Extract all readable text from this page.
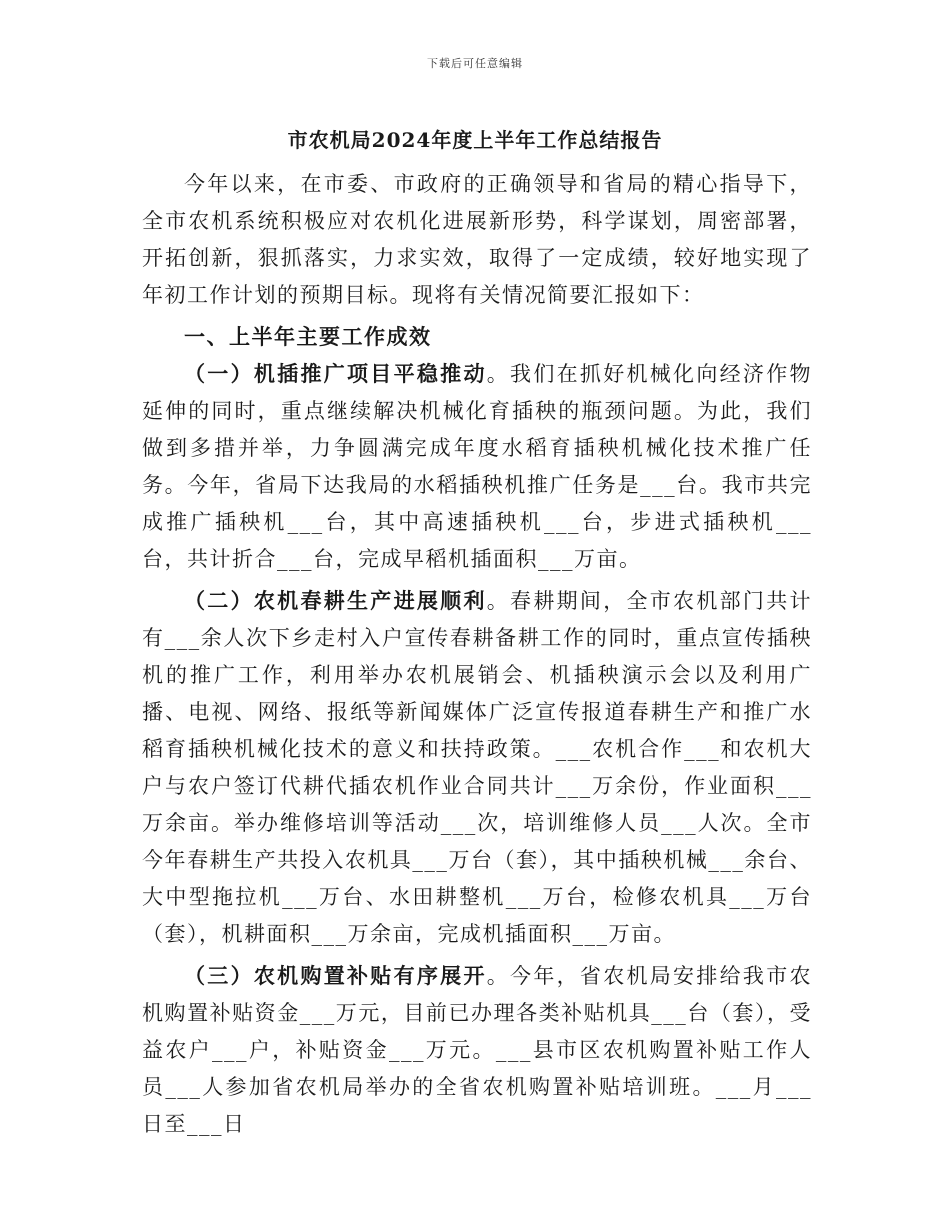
下载后可任意编辑
市农机局2024年度上半年工作总结报告

今年以来，在市委、市政府的正确领导和省局的精心指导下，全市农机系统积极应对农机化进展新形势，科学谋划，周密部署，开拓创新，狠抓落实，力求实效，取得了一定成绩，较好地实现了年初工作计划的预期目标。现将有关情况简要汇报如下：

一、上半年主要工作成效

（一）机插推广项目平稳推动。我们在抓好机械化向经济作物延伸的同时，重点继续解决机械化育插秧的瓶颈问题。为此，我们做到多措并举，力争圆满完成年度水稻育插秧机械化技术推广任务。今年，省局下达我局的水稻插秧机推广任务是___台。我市共完成推广插秧机___台，其中高速插秧机___台，步进式插秧机___台，共计折合___台，完成早稻机插面积___万亩。

（二）农机春耕生产进展顺利。春耕期间，全市农机部门共计有___余人次下乡走村入户宣传春耕备耕工作的同时，重点宣传插秧机的推广工作，利用举办农机展销会、机插秧演示会以及利用广播、电视、网络、报纸等新闻媒体广泛宣传报道春耕生产和推广水稻育插秧机械化技术的意义和扶持政策。___农机合作___和农机大户与农户签订代耕代插农机作业合同共计___万余份，作业面积___万余亩。举办维修培训等活动___次，培训维修人员___人次。全市今年春耕生产共投入农机具___万台（套），其中插秧机械___余台、大中型拖拉机___万台、水田耕整机___万台，检修农机具___万台（套），机耕面积___万余亩，完成机插面积___万亩。

（三）农机购置补贴有序展开。今年，省农机局安排给我市农机购置补贴资金___万元，目前已办理各类补贴机具___台（套），受益农户___户，补贴资金___万元。___县市区农机购置补贴工作人员___人参加省农机局举办的全省农机购置补贴培训班。___月___日至___日
